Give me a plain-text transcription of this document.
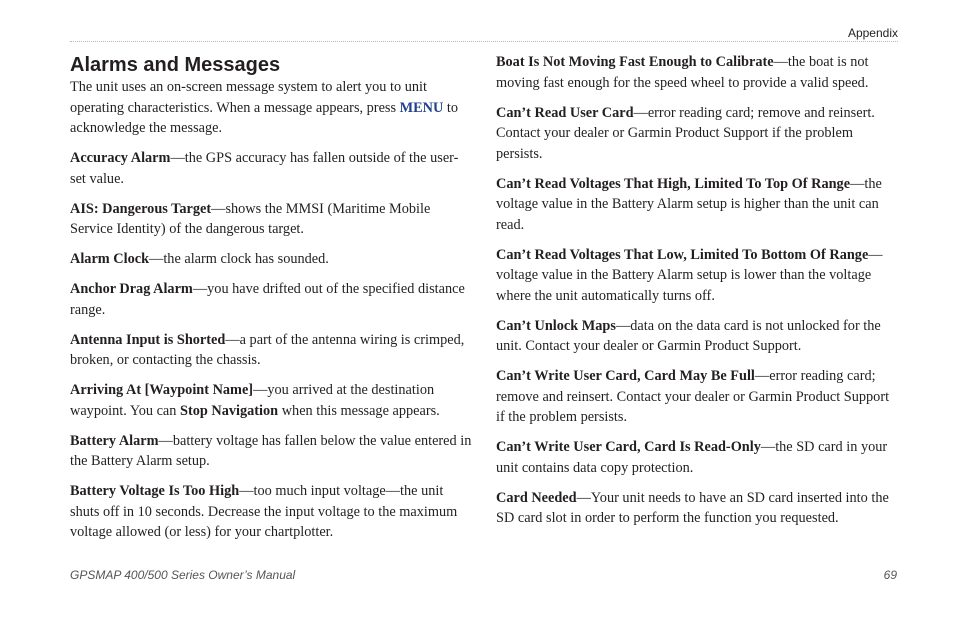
Appendix
Alarms and Messages

The unit uses an on-screen message system to alert you to unit operating characteristics. When a message appears, press MENU to acknowledge the message.

Accuracy Alarm—the GPS accuracy has fallen outside of the user-set value.

AIS: Dangerous Target—shows the MMSI (Maritime Mobile Service Identity) of the dangerous target.

Alarm Clock—the alarm clock has sounded.

Anchor Drag Alarm—you have drifted out of the specified distance range.

Antenna Input is Shorted—a part of the antenna wiring is crimped, broken, or contacting the chassis.

Arriving At [Waypoint Name]—you arrived at the destination waypoint. You can Stop Navigation when this message appears.

Battery Alarm—battery voltage has fallen below the value entered in the Battery Alarm setup.

Battery Voltage Is Too High—too much input voltage—the unit shuts off in 10 seconds. Decrease the input voltage to the maximum voltage allowed (or less) for your chartplotter.

Boat Is Not Moving Fast Enough to Calibrate—the boat is not moving fast enough for the speed wheel to provide a valid speed.

Can’t Read User Card—error reading card; remove and reinsert. Contact your dealer or Garmin Product Support if the problem persists.

Can’t Read Voltages That High, Limited To Top Of Range—the voltage value in the Battery Alarm setup is higher than the unit can read.

Can’t Read Voltages That Low, Limited To Bottom Of Range—voltage value in the Battery Alarm setup is lower than the voltage where the unit automatically turns off.

Can’t Unlock Maps—data on the data card is not unlocked for the unit. Contact your dealer or Garmin Product Support.

Can’t Write User Card, Card May Be Full—error reading card; remove and reinsert. Contact your dealer or Garmin Product Support if the problem persists.

Can’t Write User Card, Card Is Read-Only—the SD card in your unit contains data copy protection.

Card Needed—Your unit needs to have an SD card inserted into the SD card slot in order to perform the function you requested.

GPSMAP 400/500 Series Owner’s Manual	69
